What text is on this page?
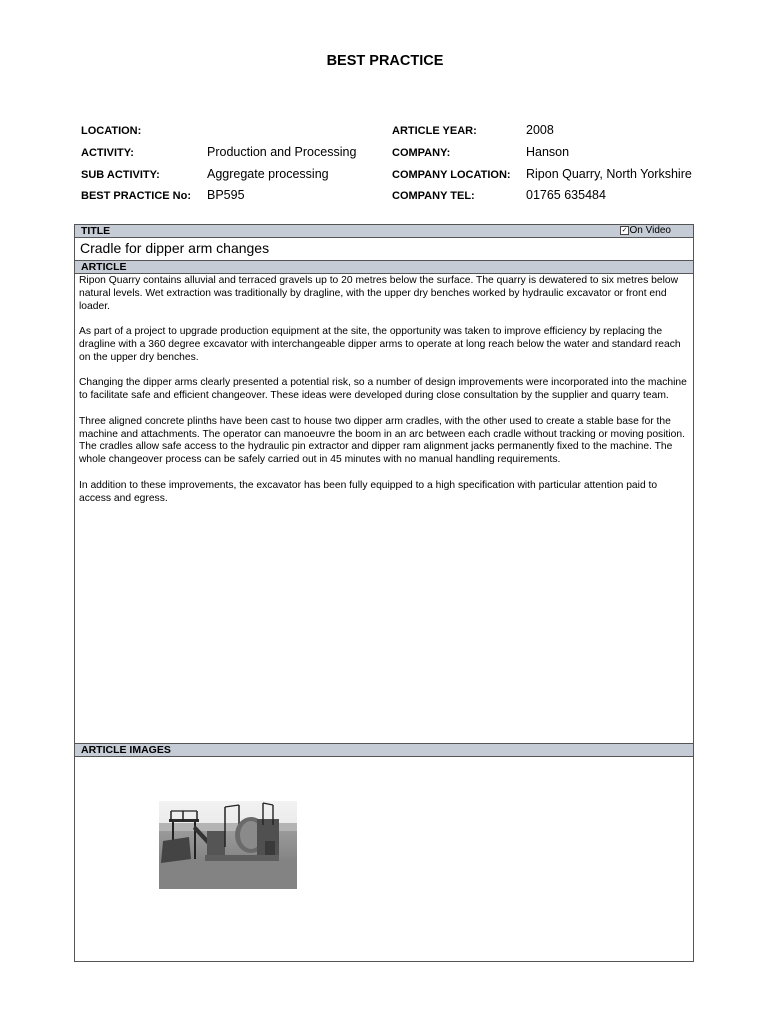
BEST PRACTICE
LOCATION:
ACTIVITY:	Production and Processing
SUB ACTIVITY:	Aggregate processing
BEST PRACTICE No: BP595
ARTICLE YEAR:	2008
COMPANY:	Hanson
COMPANY LOCATION: Ripon Quarry, North Yorkshire
COMPANY TEL:	01765 635484
TITLE	✓ On Video
Cradle for dipper arm changes
ARTICLE

Ripon Quarry contains alluvial and terraced gravels up to 20 metres below the surface. The quarry is dewatered to six metres below natural levels. Wet extraction was traditionally by dragline, with the upper dry benches worked by hydraulic excavator or front end loader.

As part of a project to upgrade production equipment at the site, the opportunity was taken to improve efficiency by replacing the dragline with a 360 degree excavator with interchangeable dipper arms to operate at long reach below the water and standard reach on the upper dry benches.

Changing the dipper arms clearly presented a potential risk, so a number of design improvements were incorporated into the machine to facilitate safe and efficient changeover. These ideas were developed during close consultation by the supplier and quarry team.

Three aligned concrete plinths have been cast to house two dipper arm cradles, with the other used to create a stable base for the machine and attachments. The operator can manoeuvre the boom in an arc between each cradle without tracking or moving position. The cradles allow safe access to the hydraulic pin extractor and dipper ram alignment jacks permanently fixed to the machine. The whole changeover process can be safely carried out in 45 minutes with no manual handling requirements.

In addition to these improvements, the excavator has been fully equipped to a high specification with particular attention paid to access and egress.

ARTICLE IMAGES
